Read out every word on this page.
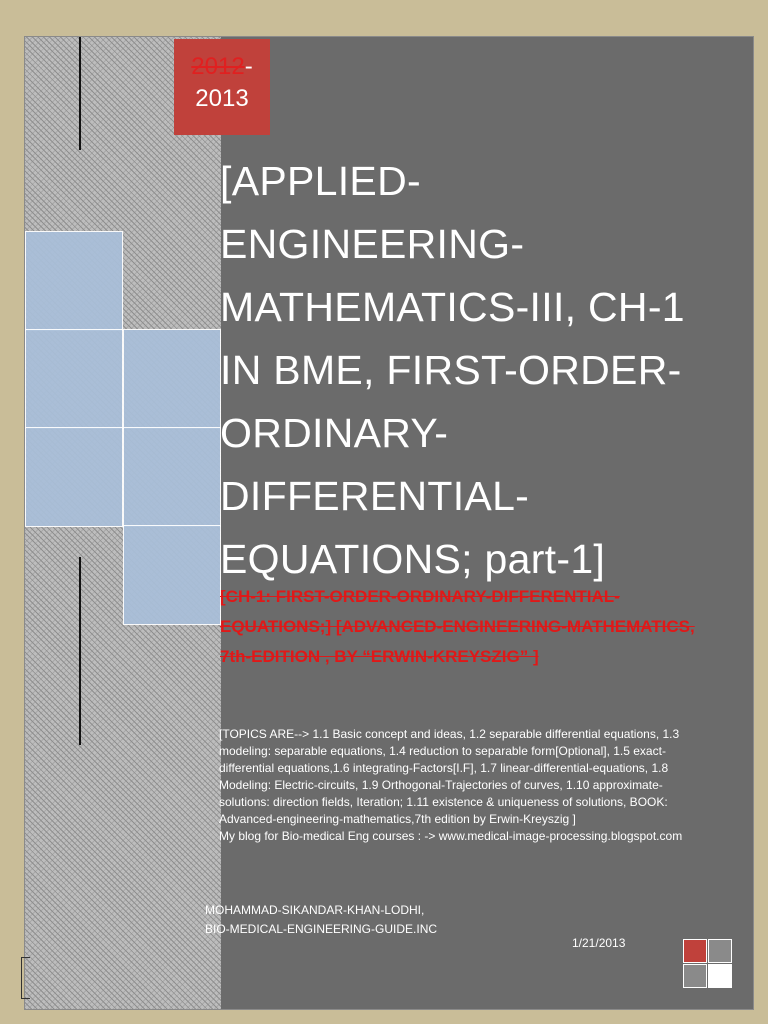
2012-
2013
[APPLIED-ENGINEERING-MATHEMATICS-III, CH-1 IN BME, FIRST-ORDER-ORDINARY-DIFFERENTIAL-EQUATIONS; part-1]
[CH-1: FIRST-ORDER-ORDINARY-DIFFERENTIAL-EQUATIONS;] [ADVANCED-ENGINEERING-MATHEMATICS, 7th-EDITION , BY “ERWIN-KREYSZIG” ]
[TOPICS ARE--> 1.1 Basic concept and ideas, 1.2 separable differential equations, 1.3 modeling: separable equations, 1.4 reduction to separable form[Optional], 1.5 exact-differential equations,1.6 integrating-Factors[I.F], 1.7 linear-differential-equations, 1.8 Modeling: Electric-circuits, 1.9 Orthogonal-Trajectories of curves, 1.10 approximate-solutions: direction fields, Iteration; 1.11 existence & uniqueness of solutions, BOOK: Advanced-engineering-mathematics,7th edition by Erwin-Kreyszig ]
My blog for Bio-medical Eng courses : -> www.medical-image-processing.blogspot.com
MOHAMMAD-SIKANDAR-KHAN-LODHI,
BIO-MEDICAL-ENGINEERING-GUIDE.INC
1/21/2013
